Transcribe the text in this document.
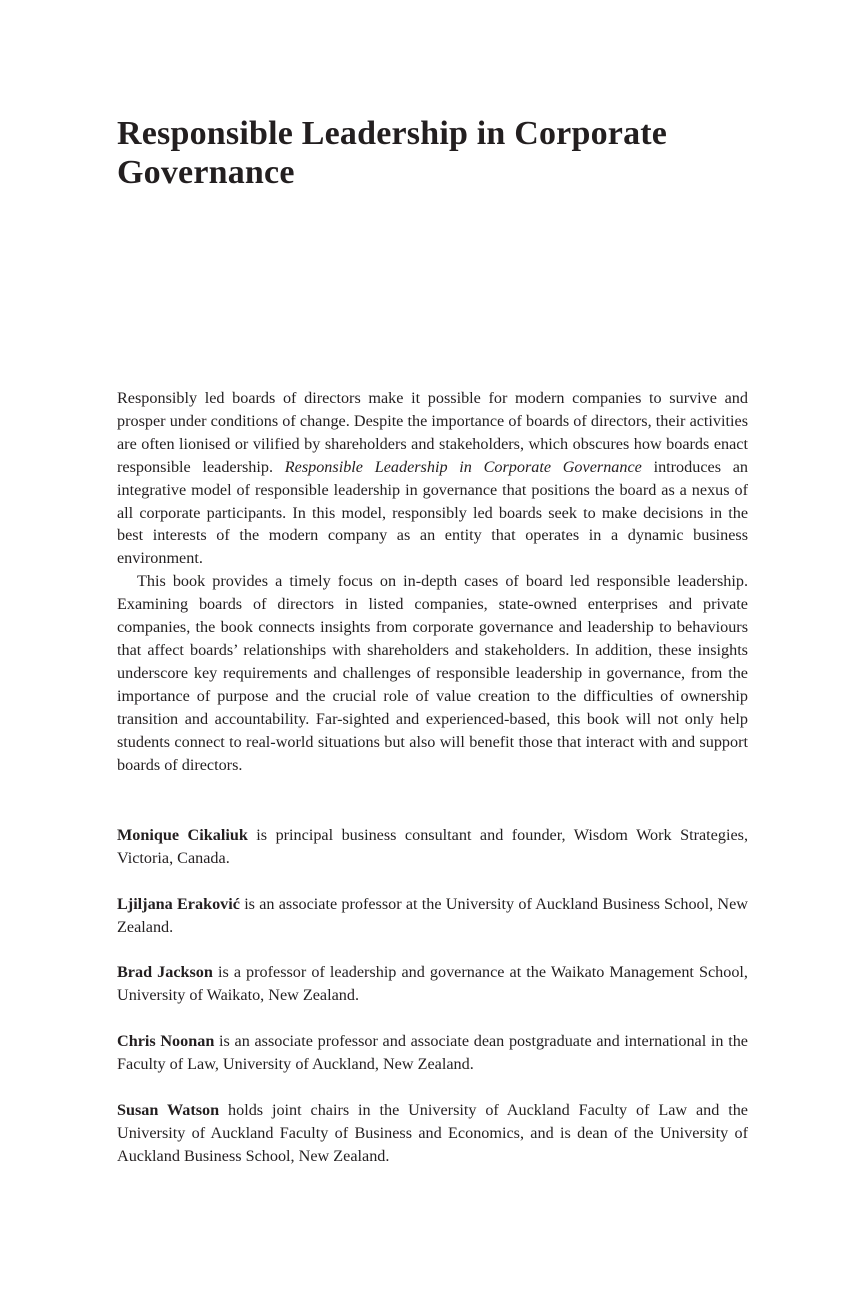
Responsible Leadership in Corporate Governance

Responsibly led boards of directors make it possible for modern companies to survive and prosper under conditions of change. Despite the importance of boards of directors, their activities are often lionised or vilified by shareholders and stakeholders, which obscures how boards enact responsible leadership. Responsible Leadership in Corporate Governance introduces an integrative model of responsible leadership in governance that positions the board as a nexus of all corporate participants. In this model, responsibly led boards seek to make decisions in the best interests of the modern company as an entity that operates in a dynamic business environment.

This book provides a timely focus on in-depth cases of board led responsible leadership. Examining boards of directors in listed companies, state-owned enterprises and private companies, the book connects insights from corporate governance and leadership to behaviours that affect boards’ relationships with shareholders and stakeholders. In addition, these insights underscore key requirements and challenges of responsible leadership in governance, from the importance of purpose and the crucial role of value creation to the difficulties of ownership transition and accountability. Far-sighted and experienced-based, this book will not only help students connect to real-world situations but also will benefit those that interact with and support boards of directors.

Monique Cikaliuk is principal business consultant and founder, Wisdom Work Strategies, Victoria, Canada.

Ljiljana Eraković is an associate professor at the University of Auckland Business School, New Zealand.

Brad Jackson is a professor of leadership and governance at the Waikato Management School, University of Waikato, New Zealand.

Chris Noonan is an associate professor and associate dean postgraduate and international in the Faculty of Law, University of Auckland, New Zealand.

Susan Watson holds joint chairs in the University of Auckland Faculty of Law and the University of Auckland Faculty of Business and Economics, and is dean of the University of Auckland Business School, New Zealand.
